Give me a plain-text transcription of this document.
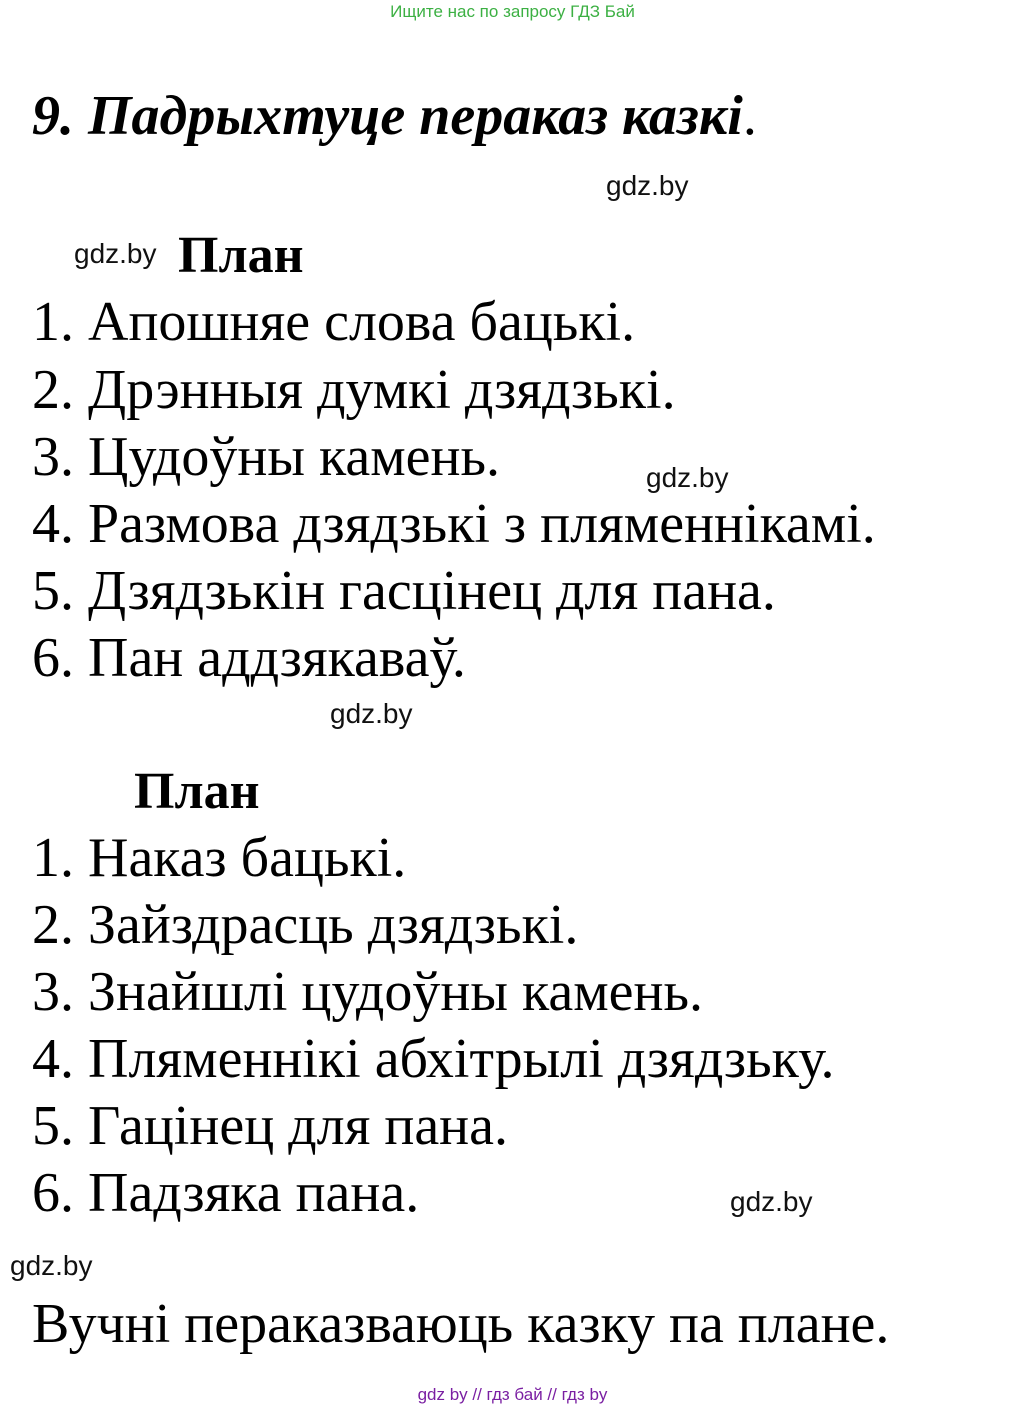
Ищите нас по запросу ГДЗ Бай
9. Падрыхтуце пераказ казкі.
gdz.by
gdz.by План
1. Апошняе слова бацькі.
2. Дрэнныя думкі дзядзькі.
3. Цудоўны камень.	gdz.by
4. Размова дзядзькі з пляменнікамі.
5. Дзядзькін гасцінец для пана.
6. Пан аддзякаваў.
gdz.by
План
1. Наказ бацькі.
2. Зайздрасць дзядзькі.
3. Знайшлі цудоўны камень.
4. Пляменнікі абхітрылі дзядзьку.
5. Гацінец для пана.
6. Падзяка пана.	gdz.by
gdz.by
Вучні пераказваюць казку па плане.
gdz by // гдз бай // гдз by
